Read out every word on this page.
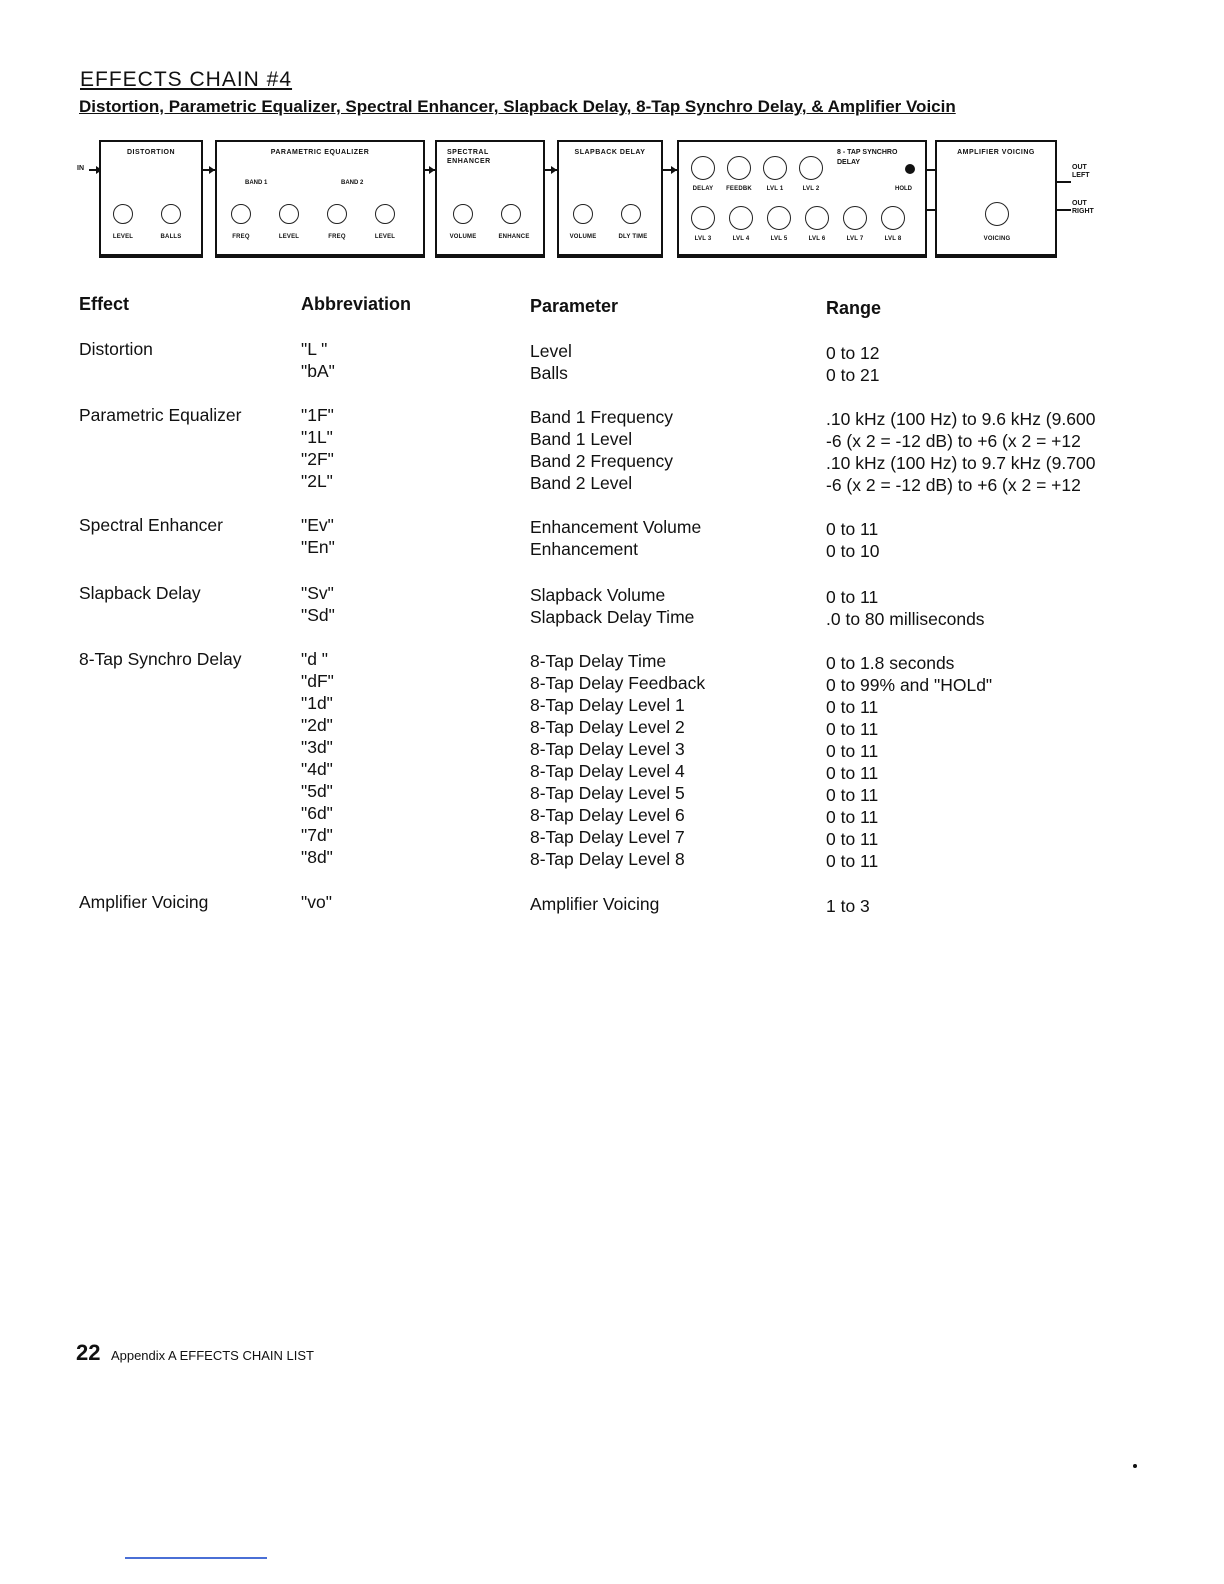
EFFECTS CHAIN #4
Distortion, Parametric Equalizer, Spectral Enhancer, Slapback Delay, 8-Tap Synchro Delay, & Amplifier Voicin
IN
DISTORTION
LEVEL	BALLS
PARAMETRIC EQUALIZER
BAND 1	BAND 2
FREQ	LEVEL	FREQ	LEVEL
SPECTRAL ENHANCER
VOLUME	ENHANCE
SLAPBACK DELAY
VOLUME	DLY TIME
8 - TAP SYNCHRO DELAY
HOLD
DELAY	FEEDBK	LVL 1	LVL 2
LVL 3	LVL 4	LVL 5	LVL 6	LVL 7	LVL 8
AMPLIFIER VOICING
VOICING
OUT LEFT
OUT RIGHT
Effect	Abbreviation	Parameter	Range
Distortion	"L "	Level	0 to 12
"bA"	Balls	0 to 21
Parametric Equalizer	"1F"	Band 1 Frequency	.10 kHz (100 Hz) to 9.6 kHz (9.600
"1L"	Band 1 Level	-6 (x 2 = -12 dB) to +6 (x 2 = +12
"2F"	Band 2 Frequency	.10 kHz (100 Hz) to 9.7 kHz (9.700
"2L"	Band 2 Level	-6 (x 2 = -12 dB) to +6 (x 2 = +12
Spectral Enhancer	"Ev"	Enhancement Volume	0 to 11
"En"	Enhancement	0 to 10
Slapback Delay	"Sv"	Slapback Volume	0 to 11
"Sd"	Slapback Delay Time	.0 to 80 milliseconds
8-Tap Synchro Delay	"d "	8-Tap Delay Time	0 to 1.8 seconds
"dF"	8-Tap Delay Feedback	0 to 99% and "HOLd"
"1d"	8-Tap Delay Level 1	0 to 11
"2d"	8-Tap Delay Level 2	0 to 11
"3d"	8-Tap Delay Level 3	0 to 11
"4d"	8-Tap Delay Level 4	0 to 11
"5d"	8-Tap Delay Level 5	0 to 11
"6d"	8-Tap Delay Level 6	0 to 11
"7d"	8-Tap Delay Level 7	0 to 11
"8d"	8-Tap Delay Level 8	0 to 11
Amplifier Voicing	"vo"	Amplifier Voicing	1 to 3
22 Appendix A EFFECTS CHAIN LIST
